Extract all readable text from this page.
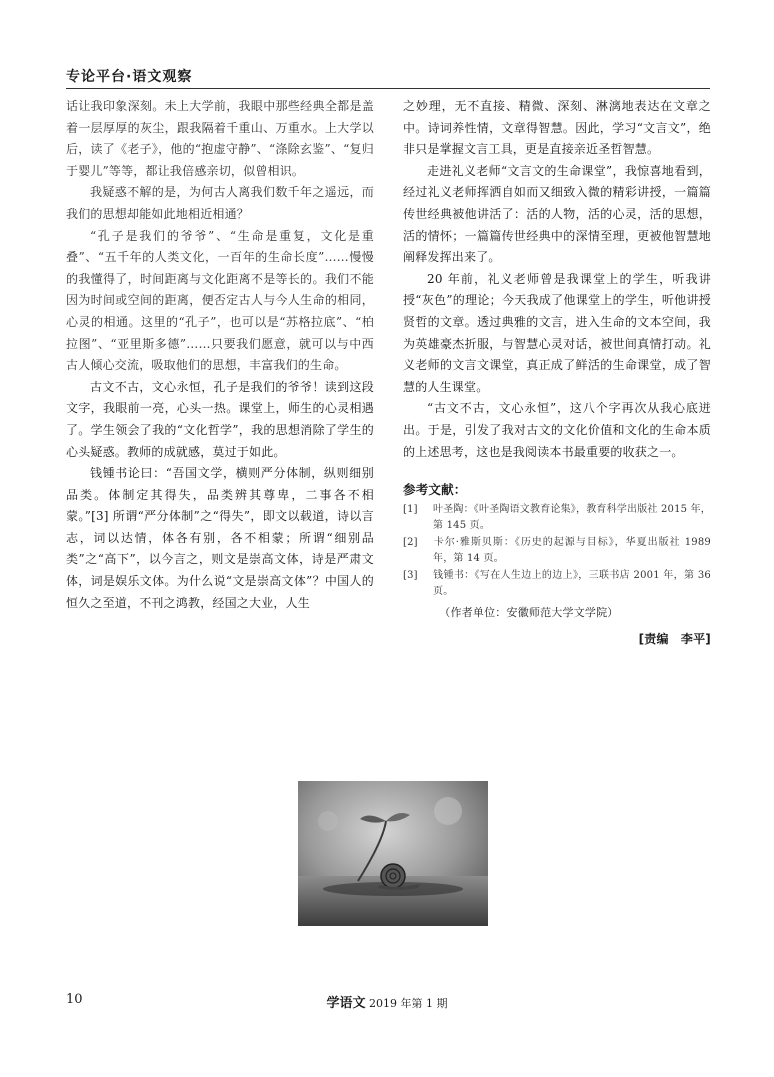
专论平台·语文观察

话让我印象深刻。未上大学前，我眼中那些经典全都是盖着一层厚厚的灰尘，跟我隔着千重山、万重水。上大学以后，读了《老子》，他的“抱虚守静”、“涤除玄鉴”、“复归于婴儿”等等，都让我倍感亲切，似曾相识。

我疑惑不解的是，为何古人离我们数千年之遥远，而我们的思想却能如此地相近相通？

“孔子是我们的爷爷”、“生命是重复，文化是重叠”、“五千年的人类文化，一百年的生命长度”……慢慢的我懂得了，时间距离与文化距离不是等长的。我们不能因为时间或空间的距离，便否定古人与今人生命的相同，心灵的相通。这里的“孔子”，也可以是“苏格拉底”、“柏拉图”、“亚里斯多德”……只要我们愿意，就可以与中西古人倾心交流，吸取他们的思想，丰富我们的生命。

古文不古，文心永恒，孔子是我们的爷爷！读到这段文字，我眼前一亮，心头一热。课堂上，师生的心灵相遇了。学生领会了我的“文化哲学”，我的思想消除了学生的心头疑惑。教师的成就感，莫过于如此。

钱锺书论曰：“吾国文学，横则严分体制，纵则细别品类。体制定其得失，品类辨其尊卑，二事各不相蒙。”[3] 所谓“严分体制”之“得失”，即文以载道，诗以言志，词以达情，体各有别，各不相蒙；所谓“细别品类”之“高下”，以今言之，则文是崇高文体，诗是严肃文体，词是娱乐文体。为什么说“文是崇高文体”？中国人的恒久之至道，不刊之鸿教，经国之大业，人生

之妙理，无不直接、精微、深刻、淋漓地表达在文章之中。诗词养性情，文章得智慧。因此，学习“文言文”，绝非只是掌握文言工具，更是直接亲近圣哲智慧。

走进礼义老师“文言文的生命课堂”，我惊喜地看到，经过礼义老师挥洒自如而又细致入微的精彩讲授，一篇篇传世经典被他讲活了：活的人物，活的心灵，活的思想，活的情怀；一篇篇传世经典中的深情至理，更被他智慧地阐释发挥出来了。

20 年前，礼义老师曾是我课堂上的学生，听我讲授“灰色”的理论；今天我成了他课堂上的学生，听他讲授贤哲的文章。透过典雅的文言，进入生命的文本空间，我为英雄豪杰折服，与智慧心灵对话，被世间真情打动。礼义老师的文言文课堂，真正成了鲜活的生命课堂，成了智慧的人生课堂。

“古文不古，文心永恒”，这八个字再次从我心底迸出。于是，引发了我对古文的文化价值和文化的生命本质的上述思考，这也是我阅读本书最重要的收获之一。

参考文献：

[1] 叶圣陶：《叶圣陶语文教育论集》，教育科学出版社 2015 年，第 145 页。

[2] 卡尔·雅斯贝斯：《历史的起源与目标》，华夏出版社 1989 年，第 14 页。

[3] 钱锺书：《写在人生边上的边上》，三联书店 2001 年，第 36 页。

（作者单位：安徽师范大学文学院）

[责编　李平]

10	学语文 2019 年第 1 期
